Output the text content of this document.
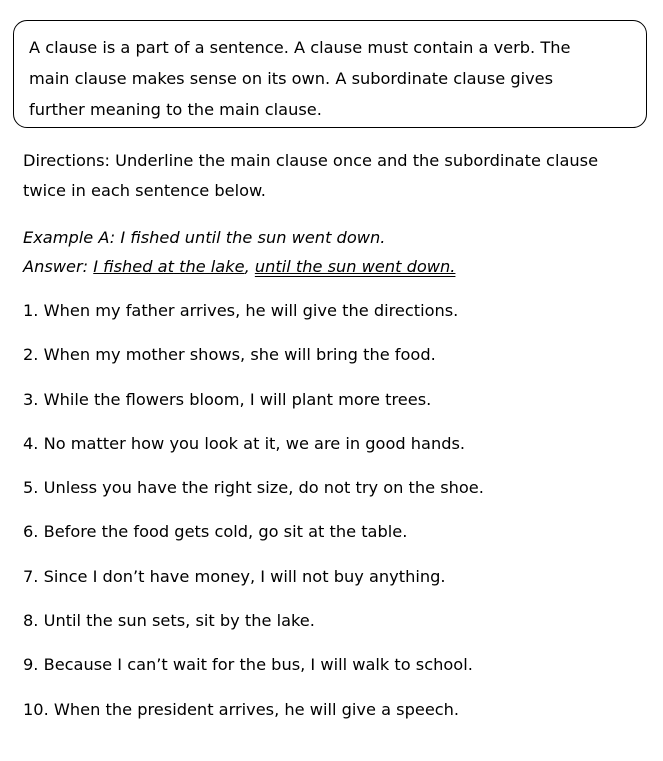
A clause is a part of a sentence. A clause must contain a verb. The
main clause makes sense on its own. A subordinate clause gives
further meaning to the main clause.
Directions: Underline the main clause once and the subordinate clause
twice in each sentence below.
Example A: I fished until the sun went down.
Answer: I fished at the lake, until the sun went down.
1. When my father arrives, he will give the directions.
2. When my mother shows, she will bring the food.
3. While the flowers bloom, I will plant more trees.
4. No matter how you look at it, we are in good hands.
5. Unless you have the right size, do not try on the shoe.
6. Before the food gets cold, go sit at the table.
7. Since I don’t have money, I will not buy anything.
8. Until the sun sets, sit by the lake.
9. Because I can’t wait for the bus, I will walk to school.
10. When the president arrives, he will give a speech.
